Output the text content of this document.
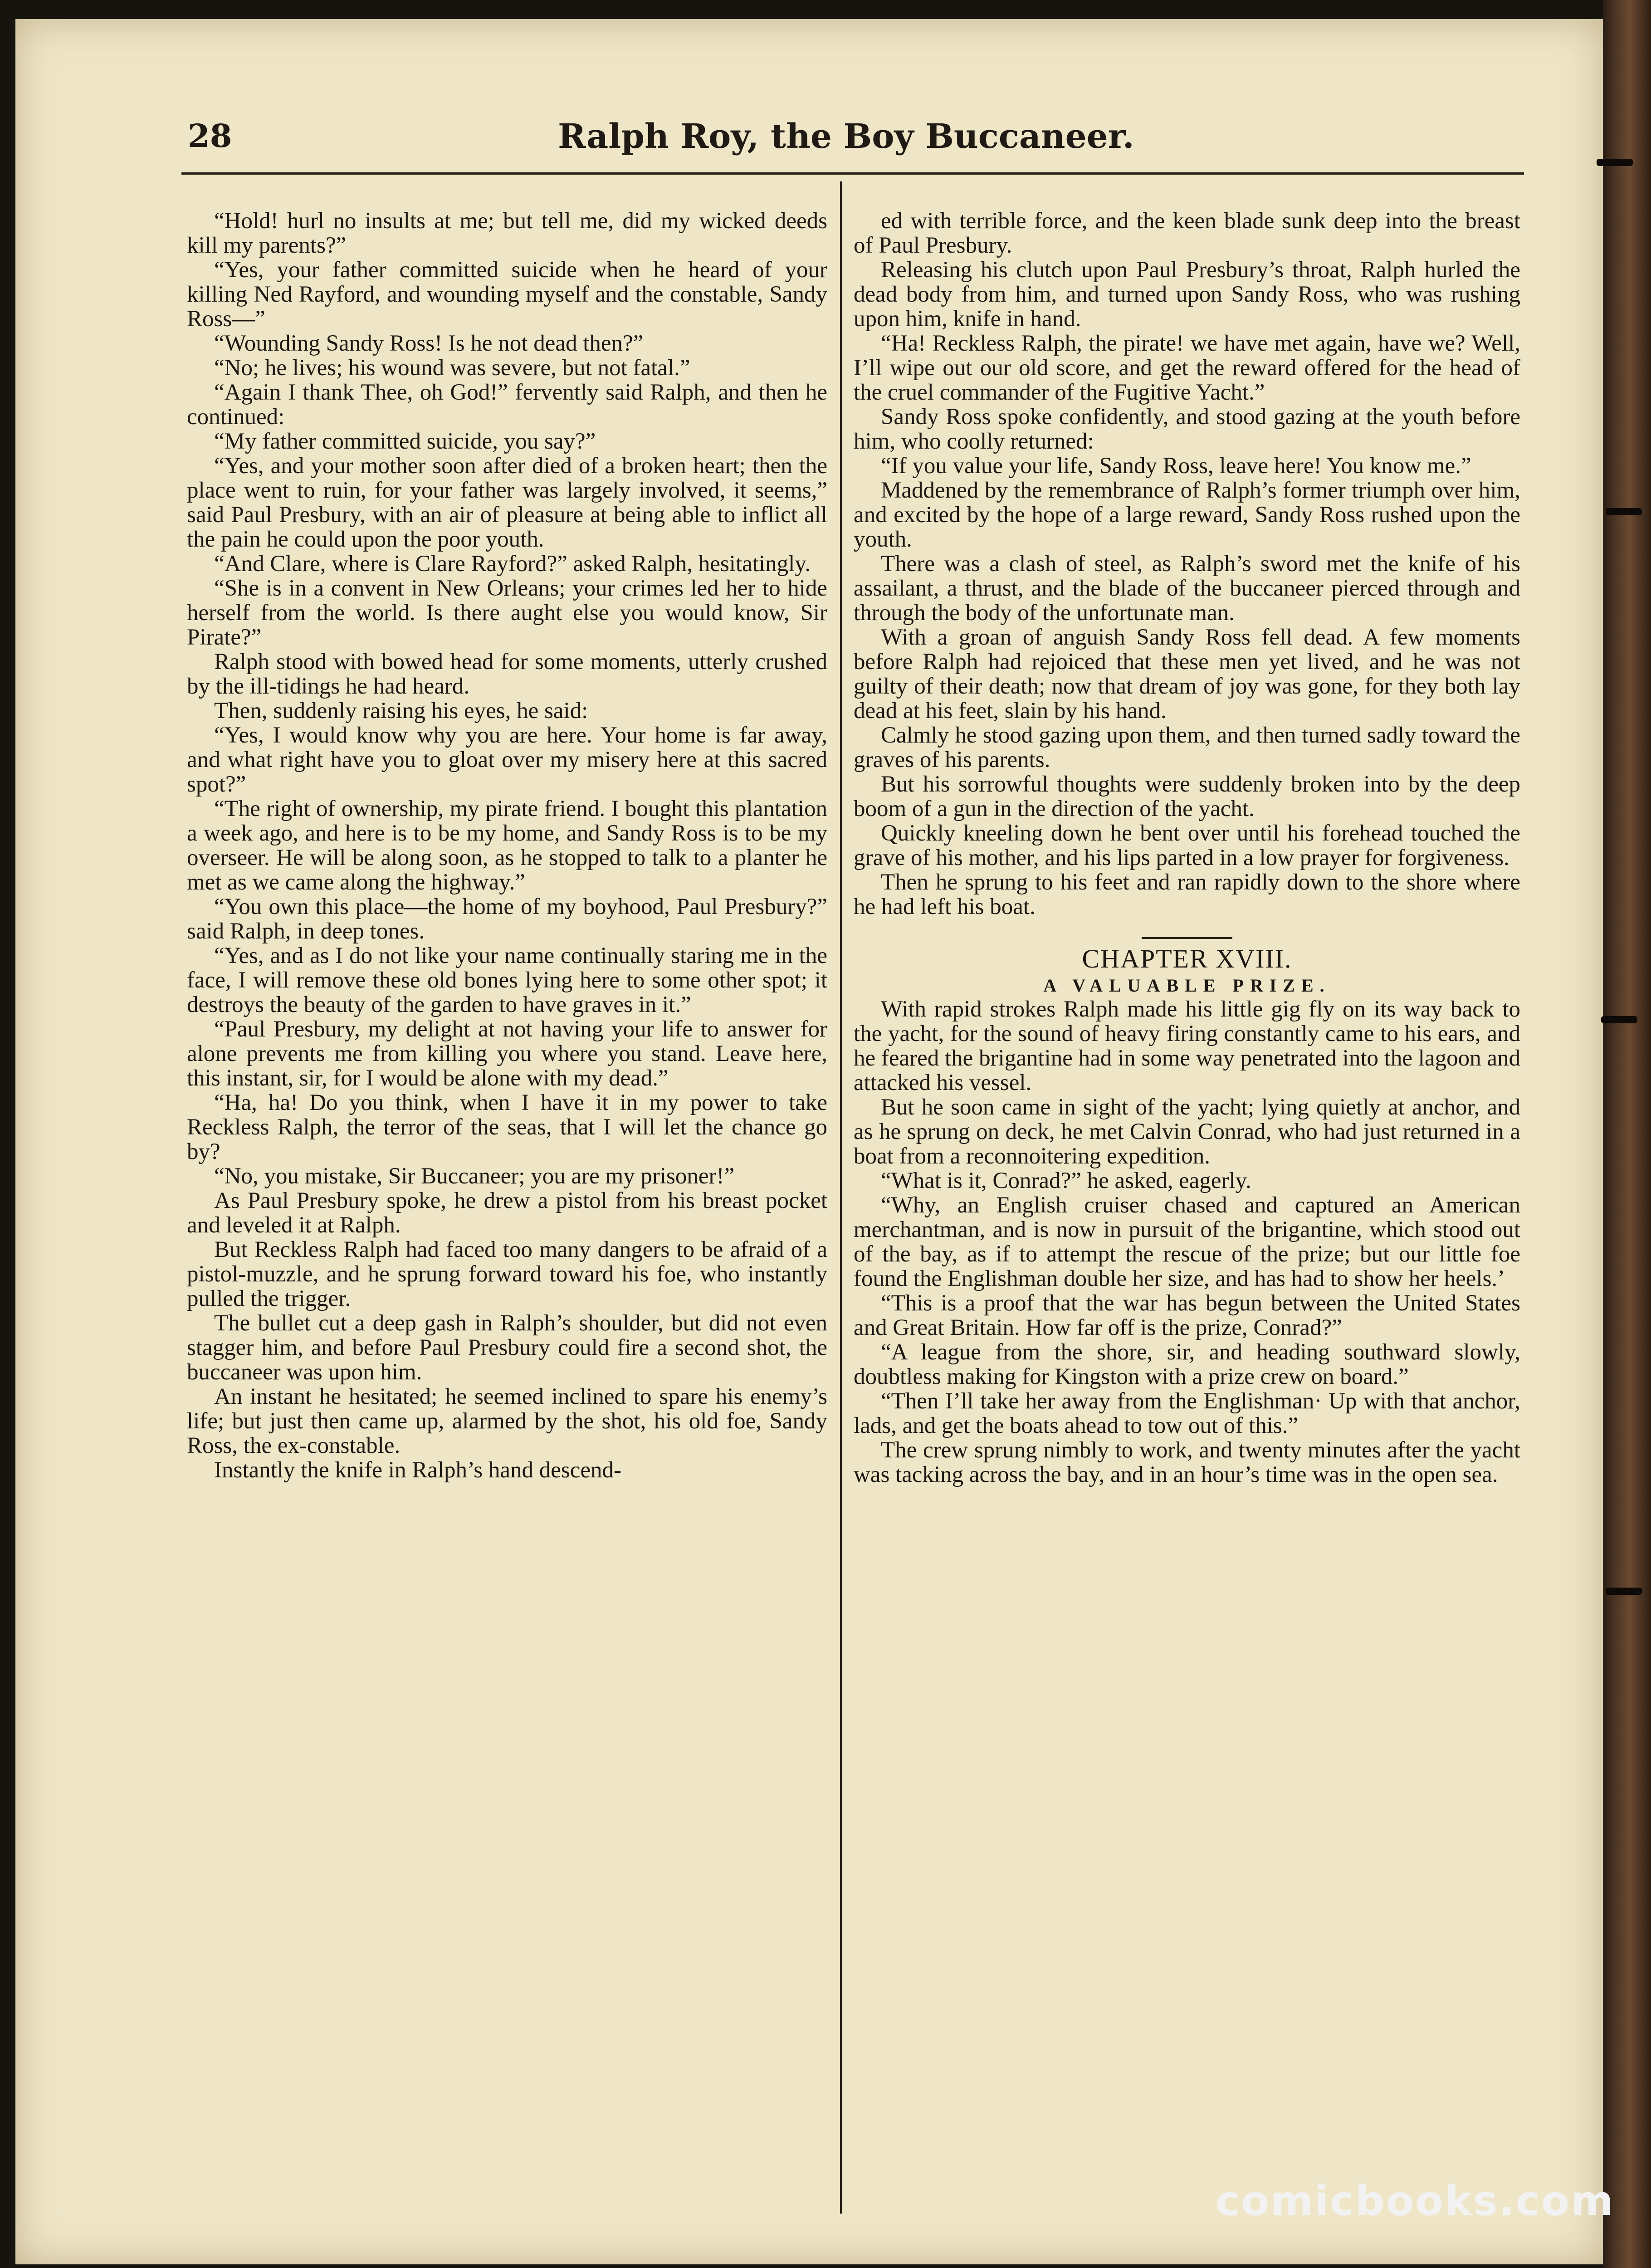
28	Ralph Roy, the Boy Buccaneer.

“Hold! hurl no insults at me; but tell me, did my wicked deeds kill my parents?”

“Yes, your father committed suicide when he heard of your killing Ned Rayford, and wounding myself and the constable, Sandy Ross—”

“Wounding Sandy Ross! Is he not dead then?”

“No; he lives; his wound was severe, but not fatal.”

“Again I thank Thee, oh God!” fervently said Ralph, and then he continued:

“My father committed suicide, you say?”

“Yes, and your mother soon after died of a broken heart; then the place went to ruin, for your father was largely involved, it seems,” said Paul Presbury, with an air of pleasure at being able to inflict all the pain he could upon the poor youth.

“And Clare, where is Clare Rayford?” asked Ralph, hesitatingly.

“She is in a convent in New Orleans; your crimes led her to hide herself from the world. Is there aught else you would know, Sir Pirate?”

Ralph stood with bowed head for some moments, utterly crushed by the ill-tidings he had heard.

Then, suddenly raising his eyes, he said:

“Yes, I would know why you are here. Your home is far away, and what right have you to gloat over my misery here at this sacred spot?”

“The right of ownership, my pirate friend. I bought this plantation a week ago, and here is to be my home, and Sandy Ross is to be my overseer. He will be along soon, as he stopped to talk to a planter he met as we came along the highway.”

“You own this place—the home of my boyhood, Paul Presbury?” said Ralph, in deep tones.

“Yes, and as I do not like your name continually staring me in the face, I will remove these old bones lying here to some other spot; it destroys the beauty of the garden to have graves in it.”

“Paul Presbury, my delight at not having your life to answer for alone prevents me from killing you where you stand. Leave here, this instant, sir, for I would be alone with my dead.”

“Ha, ha! Do you think, when I have it in my power to take Reckless Ralph, the terror of the seas, that I will let the chance go by?

“No, you mistake, Sir Buccaneer; you are my prisoner!”

As Paul Presbury spoke, he drew a pistol from his breast pocket and leveled it at Ralph.

But Reckless Ralph had faced too many dangers to be afraid of a pistol-muzzle, and he sprung forward toward his foe, who instantly pulled the trigger.

The bullet cut a deep gash in Ralph’s shoulder, but did not even stagger him, and before Paul Presbury could fire a second shot, the buccaneer was upon him.

An instant he hesitated; he seemed inclined to spare his enemy’s life; but just then came up, alarmed by the shot, his old foe, Sandy Ross, the ex-constable.

Instantly the knife in Ralph’s hand descend-

ed with terrible force, and the keen blade sunk deep into the breast of Paul Presbury.

Releasing his clutch upon Paul Presbury’s throat, Ralph hurled the dead body from him, and turned upon Sandy Ross, who was rushing upon him, knife in hand.

“Ha! Reckless Ralph, the pirate! we have met again, have we? Well, I’ll wipe out our old score, and get the reward offered for the head of the cruel commander of the Fugitive Yacht.”

Sandy Ross spoke confidently, and stood gazing at the youth before him, who coolly returned:

“If you value your life, Sandy Ross, leave here! You know me.”

Maddened by the remembrance of Ralph’s former triumph over him, and excited by the hope of a large reward, Sandy Ross rushed upon the youth.

There was a clash of steel, as Ralph’s sword met the knife of his assailant, a thrust, and the blade of the buccaneer pierced through and through the body of the unfortunate man.

With a groan of anguish Sandy Ross fell dead. A few moments before Ralph had rejoiced that these men yet lived, and he was not guilty of their death; now that dream of joy was gone, for they both lay dead at his feet, slain by his hand.

Calmly he stood gazing upon them, and then turned sadly toward the graves of his parents.

But his sorrowful thoughts were suddenly broken into by the deep boom of a gun in the direction of the yacht.

Quickly kneeling down he bent over until his forehead touched the grave of his mother, and his lips parted in a low prayer for forgiveness.

Then he sprung to his feet and ran rapidly down to the shore where he had left his boat.

CHAPTER XVIII.

A VALUABLE PRIZE.

With rapid strokes Ralph made his little gig fly on its way back to the yacht, for the sound of heavy firing constantly came to his ears, and he feared the brigantine had in some way penetrated into the lagoon and attacked his vessel.

But he soon came in sight of the yacht; lying quietly at anchor, and as he sprung on deck, he met Calvin Conrad, who had just returned in a boat from a reconnoitering expedition.

“What is it, Conrad?” he asked, eagerly.

“Why, an English cruiser chased and captured an American merchantman, and is now in pursuit of the brigantine, which stood out of the bay, as if to attempt the rescue of the prize; but our little foe found the Englishman double her size, and has had to show her heels.’

“This is a proof that the war has begun between the United States and Great Britain. How far off is the prize, Conrad?”

“A league from the shore, sir, and heading southward slowly, doubtless making for Kingston with a prize crew on board.”

“Then I’ll take her away from the Englishman· Up with that anchor, lads, and get the boats ahead to tow out of this.”

The crew sprung nimbly to work, and twenty minutes after the yacht was tacking across the bay, and in an hour’s time was in the open sea.

comicbooks.com
